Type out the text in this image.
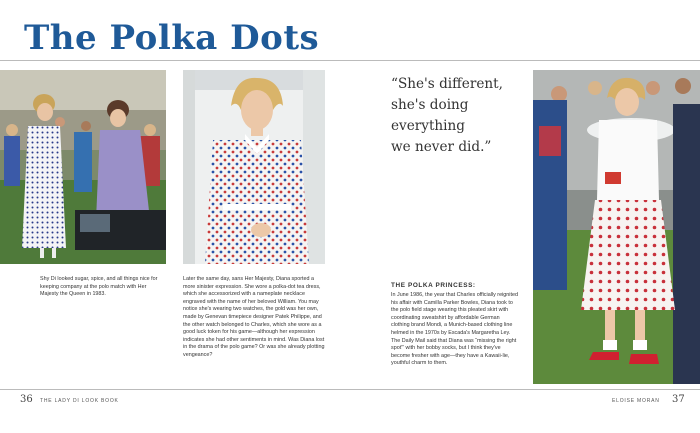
The Polka Dots
“She's different,
she's doing
everything
we never did.”

Shy Di looked sugar, spice, and all things nice for keeping company at the polo match with Her Majesty the Queen in 1983.

Later the same day, sans Her Majesty, Diana sported a more sinister expression. She wore a polka-dot tea dress, which she accessorized with a nameplate necklace engraved with the name of her beloved William. You may notice she's wearing two watches, the gold was her own, made by Genevan timepiece designer Patek Philippe, and the other watch belonged to Charles, which she wore as a good luck token for his game—although her expression indicates she had other sentiments in mind. Was Diana lost in the drama of the polo game? Or was she already plotting vengeance?

THE POLKA PRINCESS:

In June 1986, the year that Charles officially reignited his affair with Camilla Parker Bowles, Diana took to the polo field stage wearing this pleated skirt with coordinating sweatshirt by affordable German clothing brand Mondi, a Munich-based clothing line helmed in the 1970s by Escada's Margaretha Ley. The Daily Mail said that Diana was “missing the right spot”’ with her bobby socks, but I think they've become fresher with age—they have a Kawaii-lie, youthful charm to them.

36 THE LADY DI LOOK BOOK	ELOISE MORAN 37
